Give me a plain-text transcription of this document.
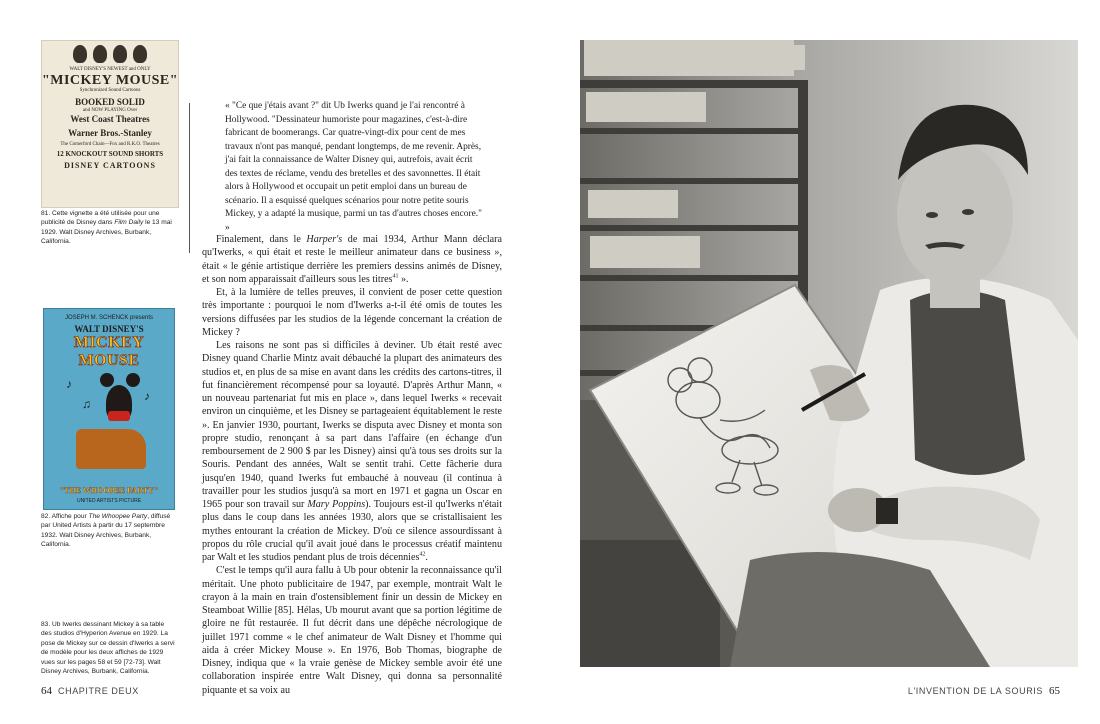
WALT DISNEY'S NEWEST and ONLY
"MICKEY MOUSE"
Synchronized Sound Cartoons
BOOKED SOLID
and NOW PLAYING Over
West Coast Theatres
Warner Bros.-Stanley
The Comerford Chain—Fox and R.K.O. Theatres
12 KNOCKOUT SOUND SHORTS
DISNEY CARTOONS
81. Cette vignette a été utilisée pour une publicité de Disney dans Film Daily le 13 mai 1929. Walt Disney Archives, Burbank, California.
JOSEPH M. SCHENCK presents
WALT DISNEY'S
MICKEY MOUSE
♪
♫
♪
"THE WHOOPEE PARTY"
UNITED ARTISTS PICTURE
82. Affiche pour The Whoopee Party, diffusé par United Artists à partir du 17 septembre 1932. Walt Disney Archives, Burbank, California.
83. Ub Iwerks dessinant Mickey à sa table des studios d'Hyperion Avenue en 1929. La pose de Mickey sur ce dessin d'Iwerks a servi de modèle pour les deux affiches de 1929 vues sur les pages 58 et 59 [72-73]. Walt Disney Archives, Burbank, California.
« "Ce que j'étais avant ?" dit Ub Iwerks quand je l'ai rencontré à Hollywood. "Dessinateur humoriste pour magazines, c'est-à-dire fabricant de boomerangs. Car quatre-vingt-dix pour cent de mes travaux n'ont pas manqué, pendant longtemps, de me revenir. Après, j'ai fait la connaissance de Walter Disney qui, autrefois, avait écrit des textes de réclame, vendu des bretelles et des savonnettes. Il était alors à Hollywood et occupait un petit emploi dans un bureau de scénario. Il a esquissé quelques scénarios pour notre petite souris Mickey, y a adapté la musique, parmi un tas d'autres choses encore." »

Finalement, dans le Harper's de mai 1934, Arthur Mann déclara qu'Iwerks, « qui était et reste le meilleur animateur dans ce business », était « le génie artistique derrière les premiers dessins animés de Disney, et son nom apparaissait d'ailleurs sous les titres$^{41}$ ».

Et, à la lumière de telles preuves, il convient de poser cette question très importante : pourquoi le nom d'Iwerks a-t-il été omis de toutes les versions diffusées par les studios de la légende concernant la création de Mickey ?

Les raisons ne sont pas si difficiles à deviner. Ub était resté avec Disney quand Charlie Mintz avait débauché la plupart des animateurs des studios et, en plus de sa mise en avant dans les crédits des cartons-titres, il fut financièrement récompensé pour sa loyauté. D'après Arthur Mann, « un nouveau partenariat fut mis en place », dans lequel Iwerks « recevait environ un cinquième, et les Disney se partageaient équitablement le reste ». En janvier 1930, pourtant, Iwerks se disputa avec Disney et monta son propre studio, renonçant à sa part dans l'affaire (en échange d'un remboursement de 2 900 $ par les Disney) ainsi qu'à tous ses droits sur la Souris. Pendant des années, Walt se sentit trahi. Cette fâcherie dura jusqu'en 1940, quand Iwerks fut embauché à nouveau (il continua à travailler pour les studios jusqu'à sa mort en 1971 et gagna un Oscar en 1965 pour son travail sur Mary Poppins). Toujours est-il qu'Iwerks n'était plus dans le coup dans les années 1930, alors que se cristallisaient les mythes entourant la création de Mickey. D'où ce silence assourdissant à propos du rôle crucial qu'il avait joué dans le processus créatif maintenu par Walt et les studios pendant plus de trois décennies$^{42}$.

C'est le temps qu'il aura fallu à Ub pour obtenir la reconnaissance qu'il méritait. Une photo publicitaire de 1947, par exemple, montrait Walt le crayon à la main en train d'ostensiblement finir un dessin de Mickey en Steamboat Willie [85]. Hélas, Ub mourut avant que sa portion légitime de gloire ne fût restaurée. Il fut décrit dans une dépêche nécrologique de juillet 1971 comme « le chef animateur de Walt Disney et l'homme qui aida à créer Mickey Mouse ». En 1976, Bob Thomas, biographe de Disney, indiqua que « la vraie genèse de Mickey semble avoir été une collaboration inspirée entre Walt Disney, qui donna sa personnalité piquante et sa voix au

64 CHAPITRE DEUX	L'INVENTION DE LA SOURIS 65
